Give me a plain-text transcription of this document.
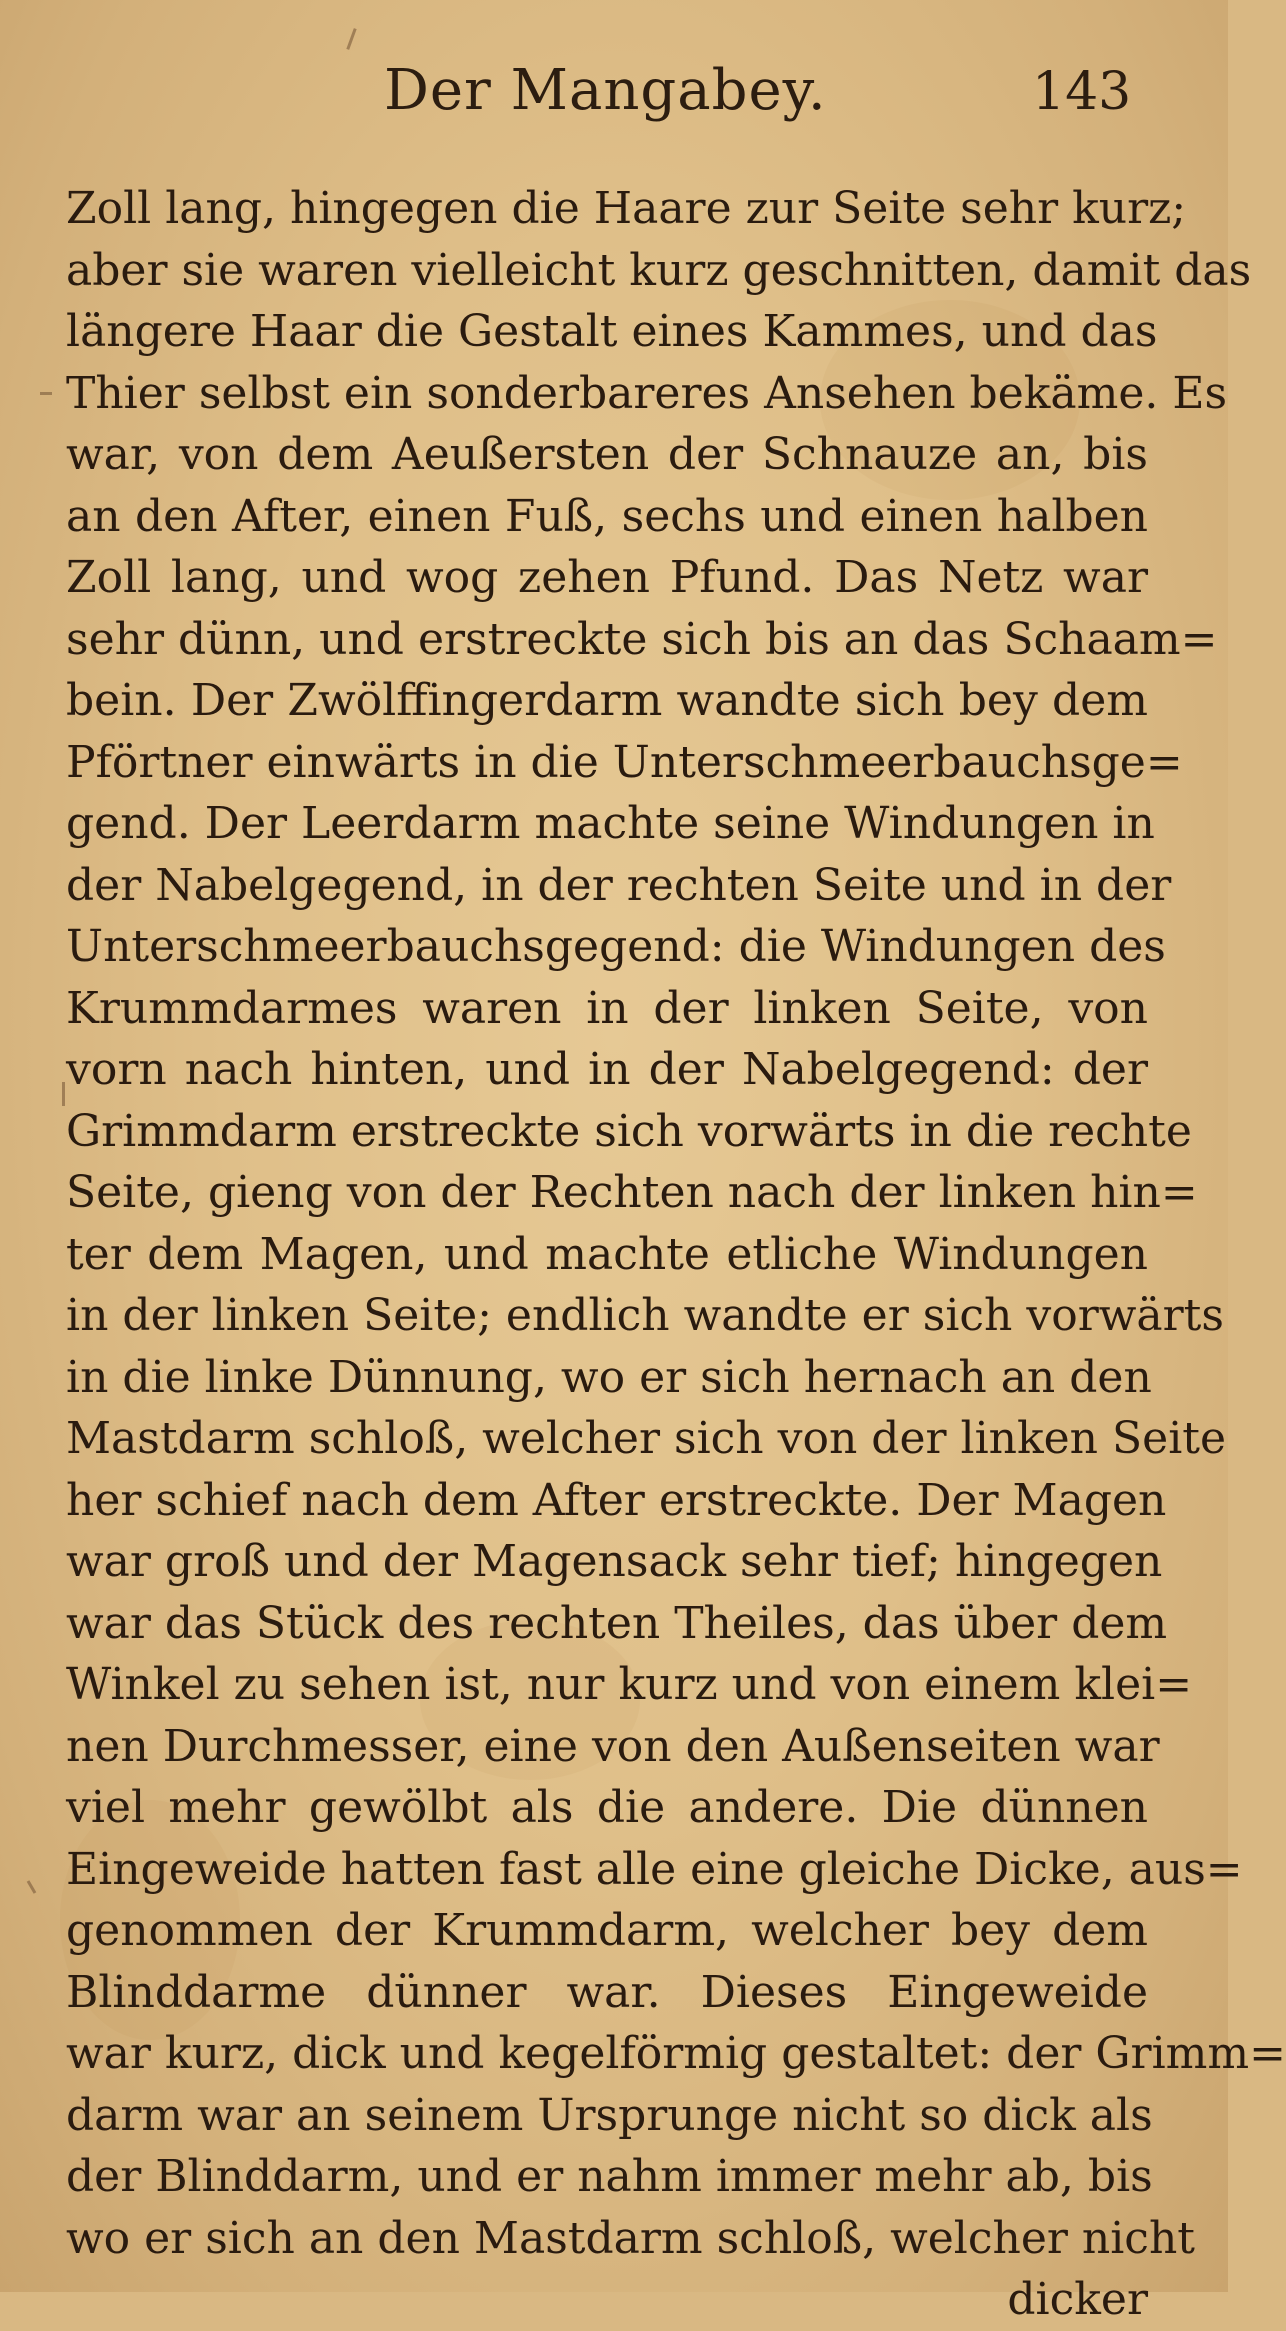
Der Mangabey.	143
Zoll lang, hingegen die Haare zur Seite sehr kurz;
aber sie waren vielleicht kurz geschnitten, damit das
längere Haar die Gestalt eines Kammes, und das
Thier selbst ein sonderbareres Ansehen bekäme. Es
war, von dem Aeußersten der Schnauze an, bis
an den After, einen Fuß, sechs und einen halben
Zoll lang, und wog zehen Pfund. Das Netz war
sehr dünn, und erstreckte sich bis an das Schaam=
bein. Der Zwölffingerdarm wandte sich bey dem
Pförtner einwärts in die Unterschmeerbauchsge=
gend. Der Leerdarm machte seine Windungen in
der Nabelgegend, in der rechten Seite und in der
Unterschmeerbauchsgegend: die Windungen des
Krummdarmes waren in der linken Seite, von
vorn nach hinten, und in der Nabelgegend: der
Grimmdarm erstreckte sich vorwärts in die rechte
Seite, gieng von der Rechten nach der linken hin=
ter dem Magen, und machte etliche Windungen
in der linken Seite; endlich wandte er sich vorwärts
in die linke Dünnung, wo er sich hernach an den
Mastdarm schloß, welcher sich von der linken Seite
her schief nach dem After erstreckte. Der Magen
war groß und der Magensack sehr tief; hingegen
war das Stück des rechten Theiles, das über dem
Winkel zu sehen ist, nur kurz und von einem klei=
nen Durchmesser, eine von den Außenseiten war
viel mehr gewölbt als die andere. Die dünnen
Eingeweide hatten fast alle eine gleiche Dicke, aus=
genommen der Krummdarm, welcher bey dem
Blinddarme dünner war. Dieses Eingeweide
war kurz, dick und kegelförmig gestaltet: der Grimm=
darm war an seinem Ursprunge nicht so dick als
der Blinddarm, und er nahm immer mehr ab, bis
wo er sich an den Mastdarm schloß, welcher nicht
dicker
